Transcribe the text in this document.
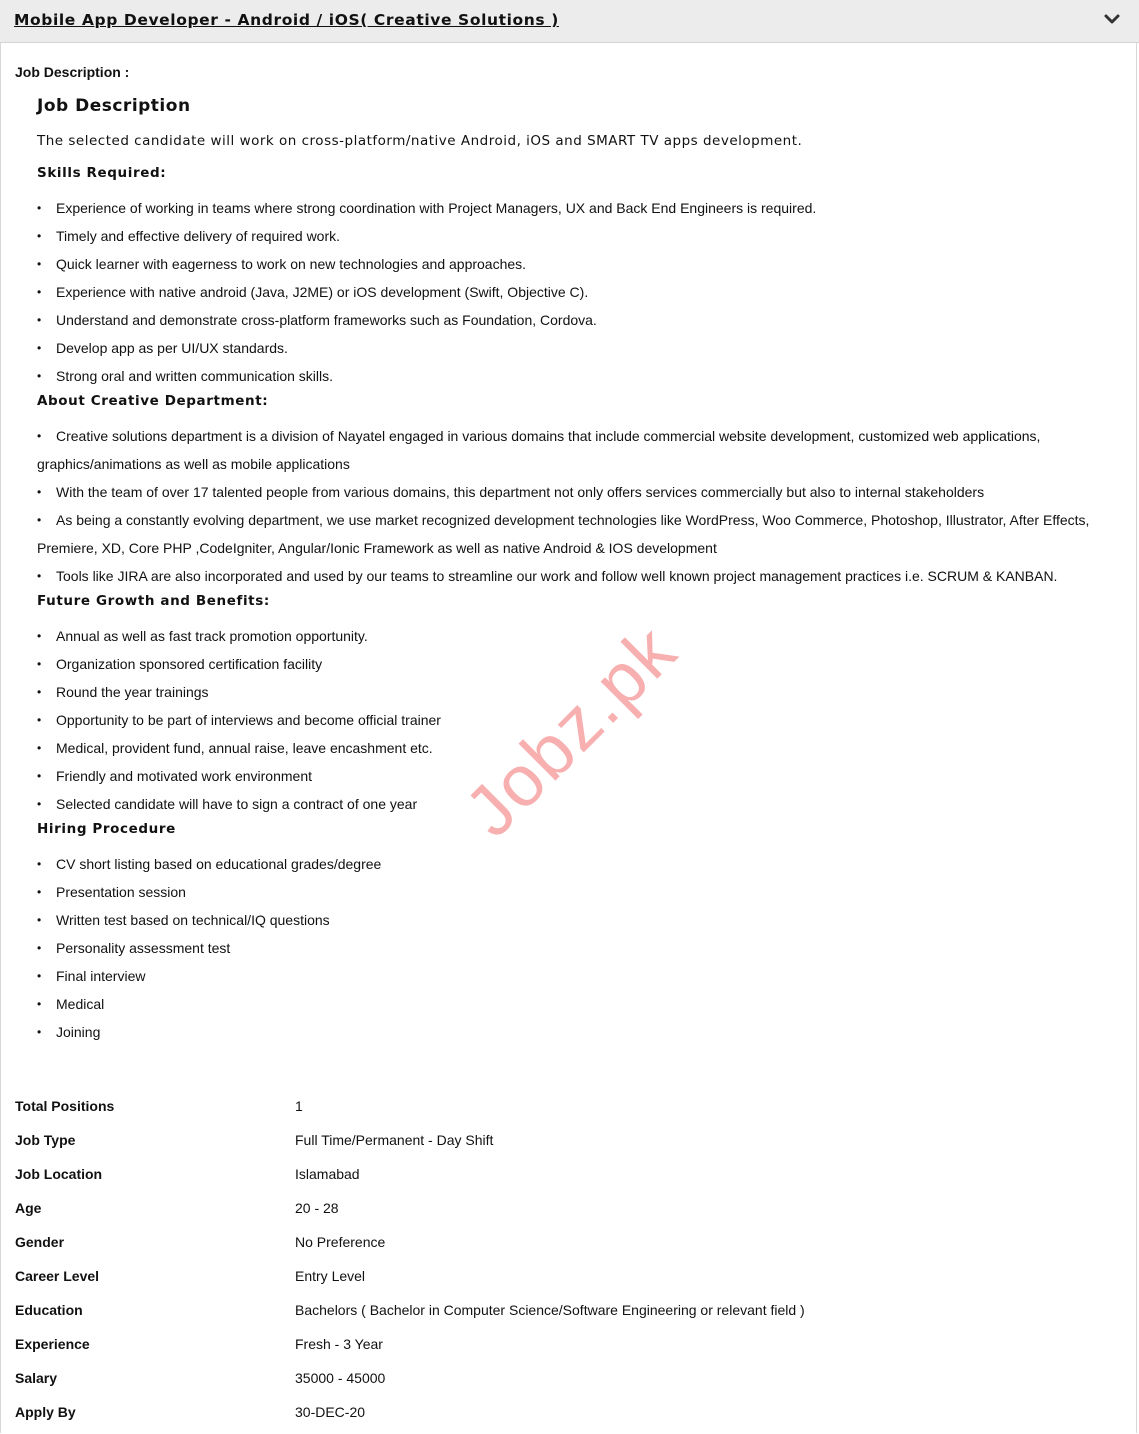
Mobile App Developer - Android / iOS( Creative Solutions )
Job Description :
Job Description
The selected candidate will work on cross-platform/native Android, iOS and SMART TV apps development.
Skills Required:
• Experience of working in teams where strong coordination with Project Managers, UX and Back End Engineers is required.
• Timely and effective delivery of required work.
• Quick learner with eagerness to work on new technologies and approaches.
• Experience with native android (Java, J2ME) or iOS development (Swift, Objective C).
• Understand and demonstrate cross-platform frameworks such as Foundation, Cordova.
• Develop app as per UI/UX standards.
• Strong oral and written communication skills.
About Creative Department:
• Creative solutions department is a division of Nayatel engaged in various domains that include commercial website development, customized web applications, graphics/animations as well as mobile applications
• With the team of over 17 talented people from various domains, this department not only offers services commercially but also to internal stakeholders
• As being a constantly evolving department, we use market recognized development technologies like WordPress, Woo Commerce, Photoshop, Illustrator, After Effects, Premiere, XD, Core PHP ,CodeIgniter, Angular/Ionic Framework as well as native Android & IOS development
• Tools like JIRA are also incorporated and used by our teams to streamline our work and follow well known project management practices i.e. SCRUM & KANBAN.
Future Growth and Benefits:
• Annual as well as fast track promotion opportunity.
• Organization sponsored certification facility
• Round the year trainings
• Opportunity to be part of interviews and become official trainer
• Medical, provident fund, annual raise, leave encashment etc.
• Friendly and motivated work environment
• Selected candidate will have to sign a contract of one year
Hiring Procedure
• CV short listing based on educational grades/degree
• Presentation session
• Written test based on technical/IQ questions
• Personality assessment test
• Final interview
• Medical
• Joining
Total Positions	1
Job Type	Full Time/Permanent - Day Shift
Job Location	Islamabad
Age	20 - 28
Gender	No Preference
Career Level	Entry Level
Education	Bachelors ( Bachelor in Computer Science/Software Engineering or relevant field )
Experience	Fresh - 3 Year
Salary	35000 - 45000
Apply By	30-DEC-20
Jobz.pk
